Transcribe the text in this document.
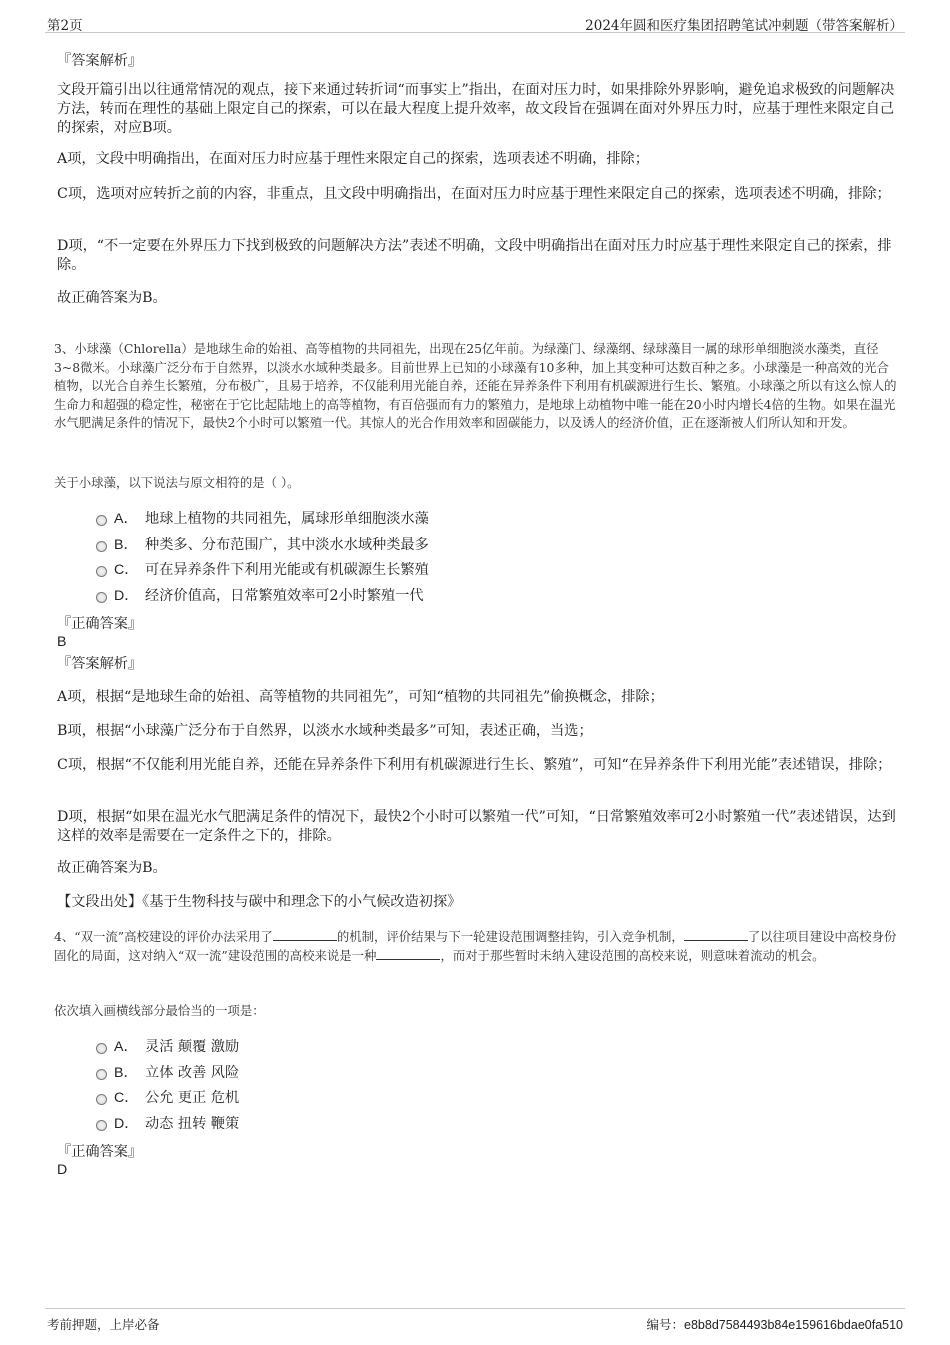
第2页	2024年圆和医疗集团招聘笔试冲刺题（带答案解析）
『答案解析』

文段开篇引出以往通常情况的观点，接下来通过转折词“而事实上”指出，在面对压力时，如果排除外界影响，避免追求极致的问题解决方法，转而在理性的基础上限定自己的探索，可以在最大程度上提升效率，故文段旨在强调在面对外界压力时，应基于理性来限定自己的探索，对应B项。

A项，文段中明确指出，在面对压力时应基于理性来限定自己的探索，选项表述不明确，排除；

C项，选项对应转折之前的内容，非重点，且文段中明确指出，在面对压力时应基于理性来限定自己的探索，选项表述不明确，排除；

D项，“不一定要在外界压力下找到极致的问题解决方法”表述不明确，文段中明确指出在面对压力时应基于理性来限定自己的探索，排除。

故正确答案为B。

3、小球藻（Chlorella）是地球生命的始祖、高等植物的共同祖先，出现在25亿年前。为绿藻门、绿藻纲、绿球藻目一属的球形单细胞淡水藻类，直径3~8微米。小球藻广泛分布于自然界，以淡水水域种类最多。目前世界上已知的小球藻有10多种，加上其变种可达数百种之多。小球藻是一种高效的光合植物，以光合自养生长繁殖，分布极广，且易于培养，不仅能利用光能自养，还能在异养条件下利用有机碳源进行生长、繁殖。小球藻之所以有这么惊人的生命力和超强的稳定性，秘密在于它比起陆地上的高等植物，有百倍强而有力的繁殖力，是地球上动植物中唯一能在20小时内增长4倍的生物。如果在温光水气肥满足条件的情况下，最快2个小时可以繁殖一代。其惊人的光合作用效率和固碳能力，以及诱人的经济价值，正在逐渐被人们所认知和开发。

关于小球藻，以下说法与原文相符的是（ ）。

A． 地球上植物的共同祖先，属球形单细胞淡水藻
B． 种类多、分布范围广，其中淡水水域种类最多
C． 可在异养条件下利用光能或有机碳源生长繁殖
D． 经济价值高，日常繁殖效率可2小时繁殖一代
『正确答案』
B
『答案解析』

A项，根据“是地球生命的始祖、高等植物的共同祖先”，可知“植物的共同祖先”偷换概念，排除；

B项，根据“小球藻广泛分布于自然界，以淡水水域种类最多”可知，表述正确，当选；

C项，根据“不仅能利用光能自养，还能在异养条件下利用有机碳源进行生长、繁殖”，可知“在异养条件下利用光能”表述错误，排除；

D项，根据“如果在温光水气肥满足条件的情况下，最快2个小时可以繁殖一代”可知，“日常繁殖效率可2小时繁殖一代”表述错误，达到这样的效率是需要在一定条件之下的，排除。

故正确答案为B。

【文段出处】《基于生物科技与碳中和理念下的小气候改造初探》

4、“双一流”高校建设的评价办法采用了	的机制，评价结果与下一轮建设范围调整挂钩，引入竞争机制，	了以往项目建设中高校身份固化的局面，这对纳入“双一流”建设范围的高校来说是一种	，而对于那些暂时未纳入建设范围的高校来说，则意味着流动的机会。

依次填入画横线部分最恰当的一项是：

A． 灵活 颠覆 激励
B． 立体 改善 风险
C． 公允 更正 危机
D． 动态 扭转 鞭策
『正确答案』
D
考前押题，上岸必备	编号：e8b8d7584493b84e159616bdae0fa510
